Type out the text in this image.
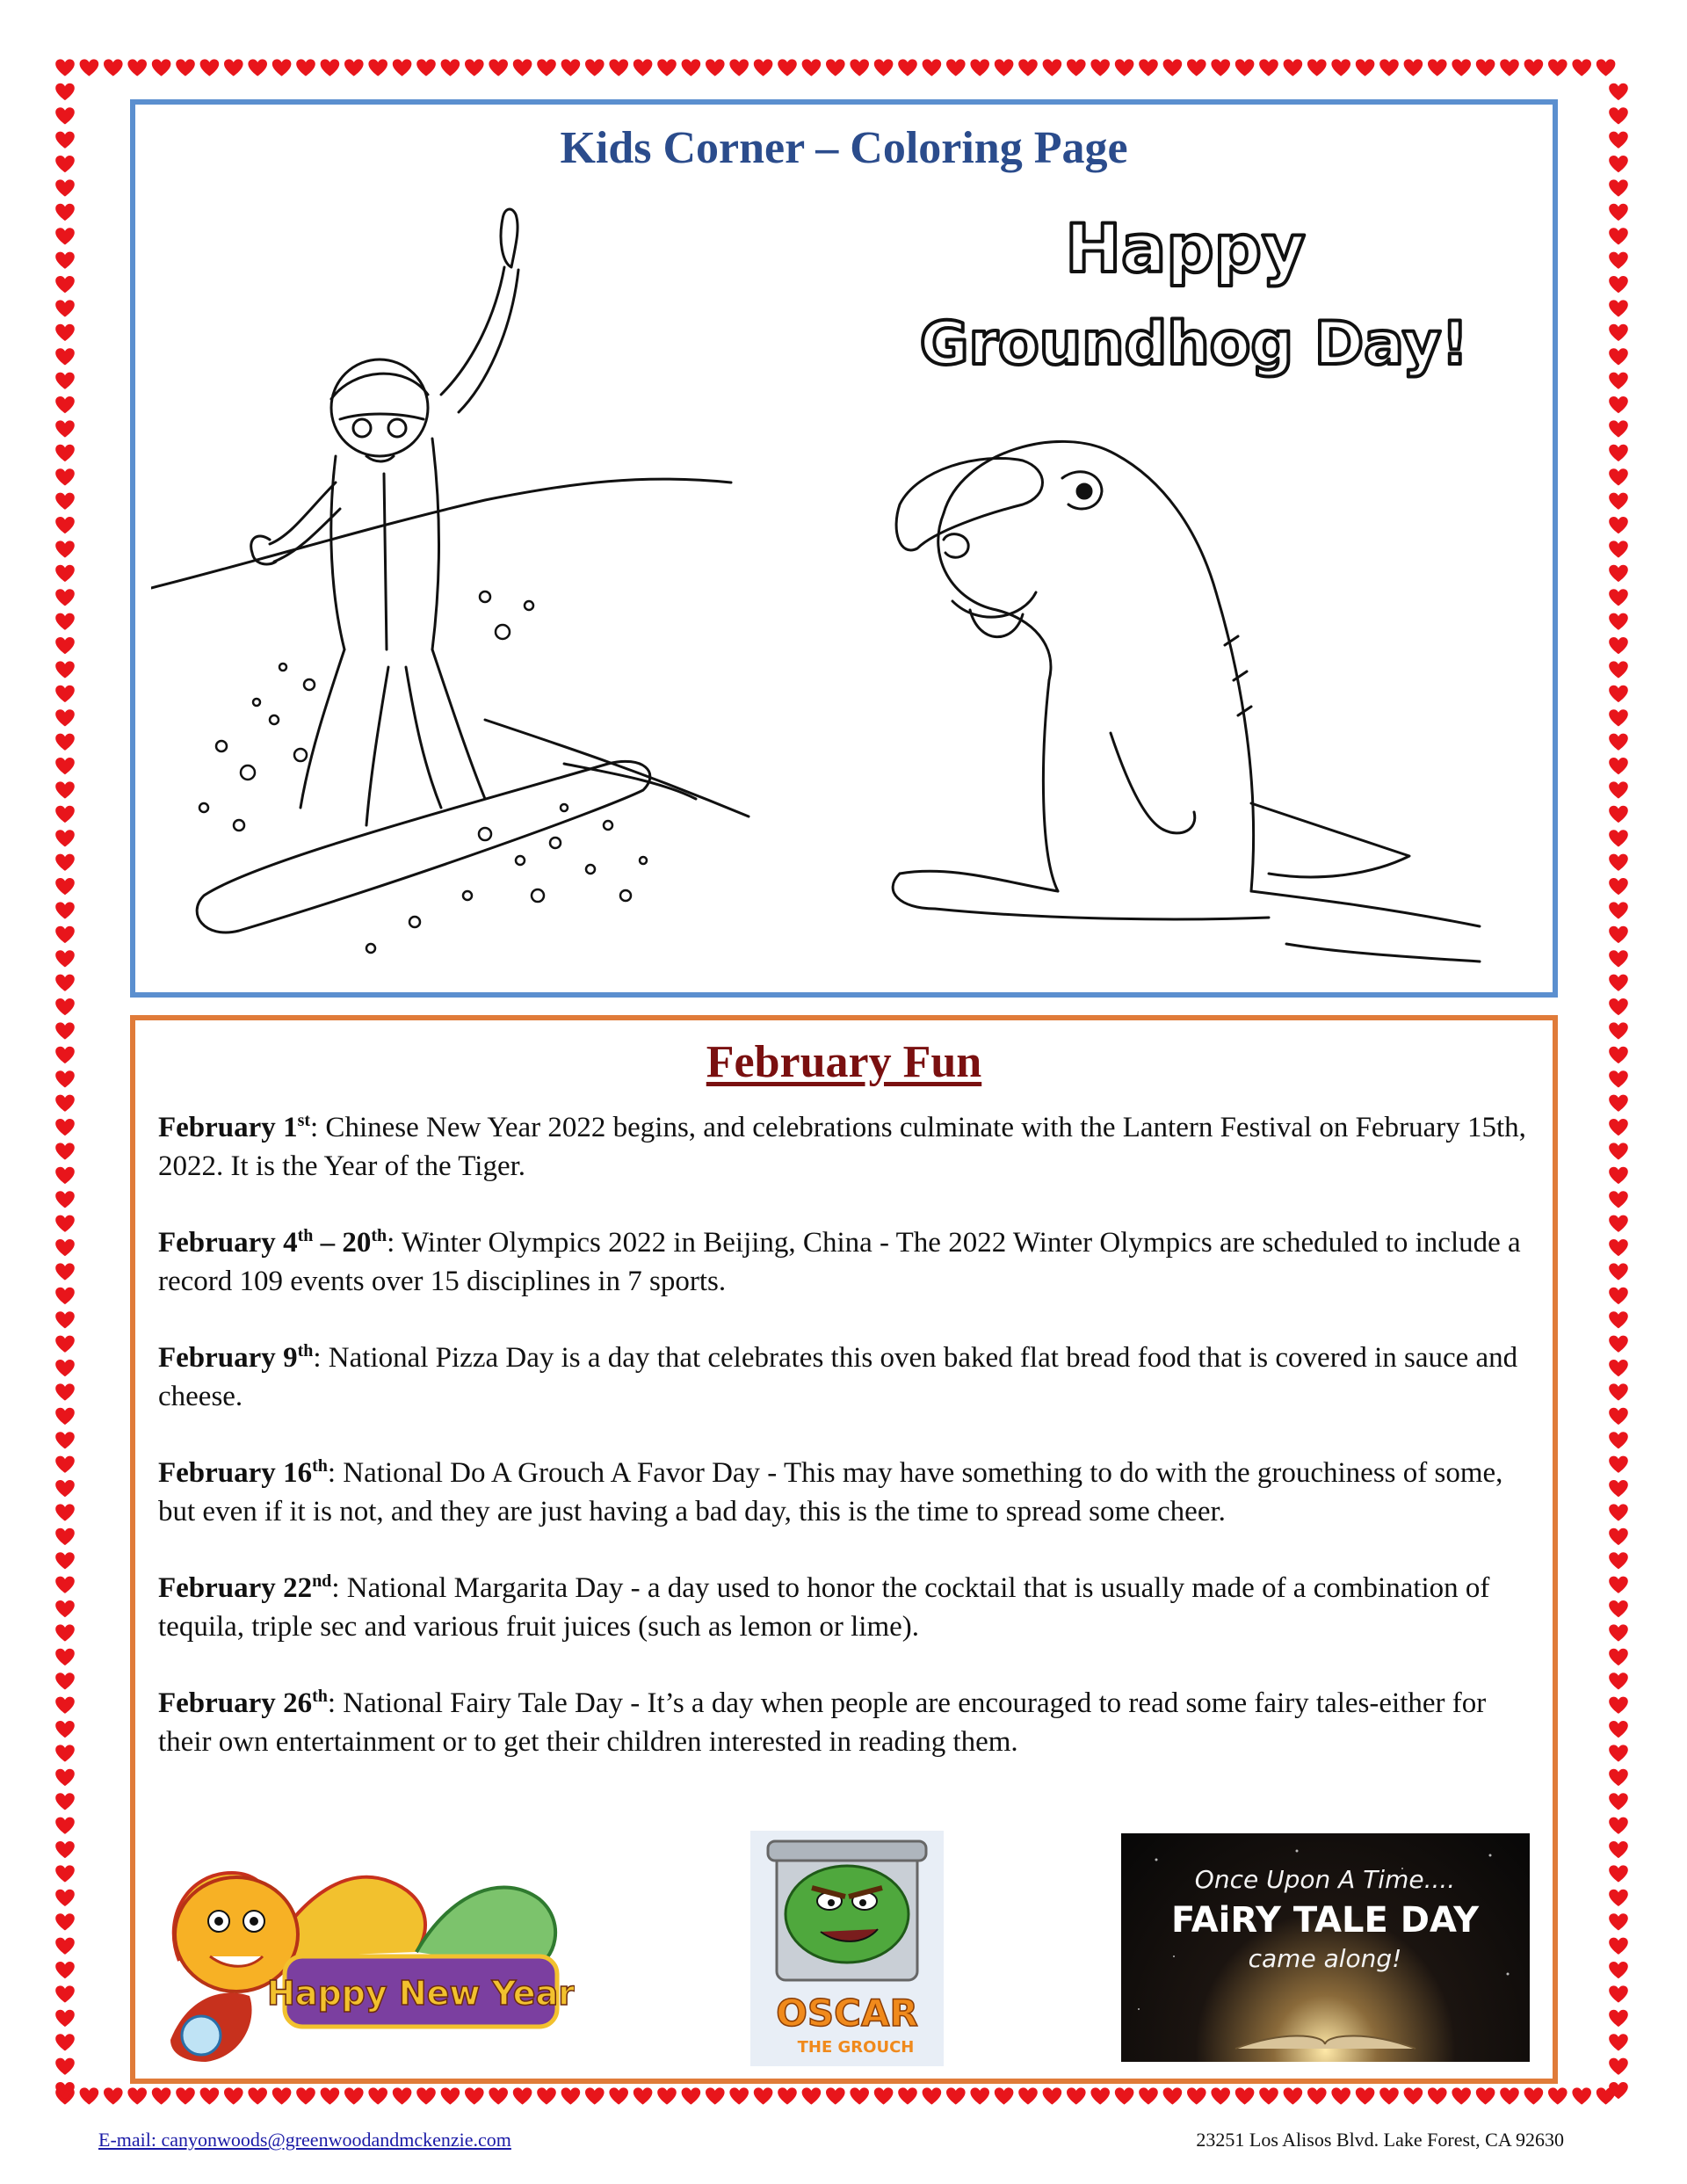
Kids Corner – Coloring Page
Happy
Groundhog Day!
February Fun

February 1st: Chinese New Year 2022 begins, and celebrations culminate with the Lantern Festival on February 15th, 2022. It is the Year of the Tiger.

February 4th – 20th: Winter Olympics 2022 in Beijing, China - The 2022 Winter Olympics are scheduled to include a record 109 events over 15 disciplines in 7 sports.

February 9th: National Pizza Day is a day that celebrates this oven baked flat bread food that is covered in sauce and cheese.

February 16th: National Do A Grouch A Favor Day - This may have something to do with the grouchiness of some, but even if it is not, and they are just having a bad day, this is the time to spread some cheer.

February 22nd: National Margarita Day - a day used to honor the cocktail that is usually made of a combination of tequila, triple sec and various fruit juices (such as lemon or lime).

February 26th: National Fairy Tale Day - It’s a day when people are encouraged to read some fairy tales-either for their own entertainment or to get their children interested in reading them.

Happy New Year	OSCAR
THE GROUCH
Once Upon A Time....
FAiRY TALE DAY
came along!
E-mail: canyonwoods@greenwoodandmckenzie.com	23251 Los Alisos Blvd. Lake Forest, CA 92630
